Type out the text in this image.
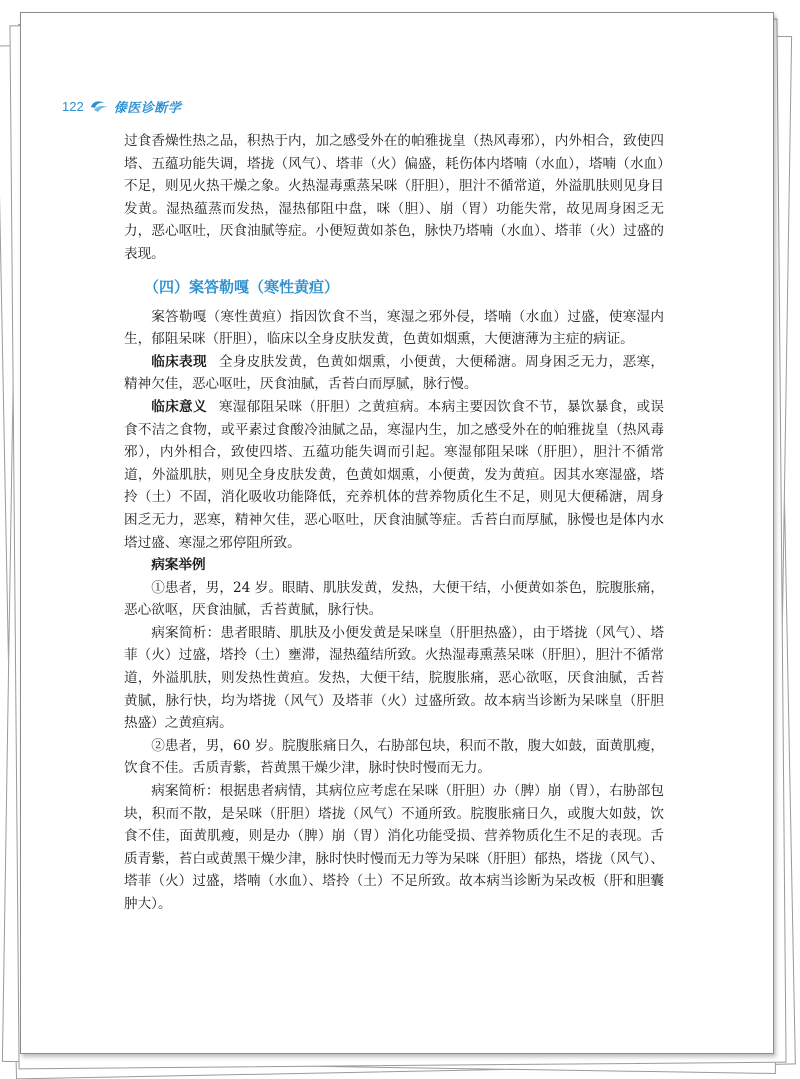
122 傣医诊断学

过食香燥性热之品，积热于内，加之感受外在的帕雅拢皇（热风毒邪），内外相合，致使四塔、五蕴功能失调，塔拢（风气）、塔菲（火）偏盛，耗伤体内塔喃（水血），塔喃（水血）不足，则见火热干燥之象。火热湿毒熏蒸呆咪（肝胆），胆汁不循常道，外溢肌肤则见身目发黄。湿热蕴蒸而发热，湿热郁阻中盘，咪（胆）、崩（胃）功能失常，故见周身困乏无力，恶心呕吐，厌食油腻等症。小便短黄如茶色，脉快乃塔喃（水血）、塔菲（火）过盛的表现。

（四）案答勒嘎（寒性黄疸）

案答勒嘎（寒性黄疸）指因饮食不当，寒湿之邪外侵，塔喃（水血）过盛，使寒湿内生，郁阻呆咪（肝胆），临床以全身皮肤发黄，色黄如烟熏，大便溏薄为主症的病证。

临床表现 全身皮肤发黄，色黄如烟熏，小便黄，大便稀溏。周身困乏无力，恶寒，精神欠佳，恶心呕吐，厌食油腻，舌苔白而厚腻，脉行慢。

临床意义 寒湿郁阻呆咪（肝胆）之黄疸病。本病主要因饮食不节，暴饮暴食，或误食不洁之食物，或平素过食酸冷油腻之品，寒湿内生，加之感受外在的帕雅拢皇（热风毒邪），内外相合，致使四塔、五蕴功能失调而引起。寒湿郁阻呆咪（肝胆），胆汁不循常道，外溢肌肤，则见全身皮肤发黄，色黄如烟熏，小便黄，发为黄疸。因其水寒湿盛，塔拎（土）不固，消化吸收功能降低，充养机体的营养物质化生不足，则见大便稀溏，周身困乏无力，恶寒，精神欠佳，恶心呕吐，厌食油腻等症。舌苔白而厚腻，脉慢也是体内水塔过盛、寒湿之邪停阻所致。

病案举例

①患者，男，24 岁。眼睛、肌肤发黄，发热，大便干结，小便黄如茶色，脘腹胀痛，恶心欲呕，厌食油腻，舌苔黄腻，脉行快。

病案简析：患者眼睛、肌肤及小便发黄是呆咪皇（肝胆热盛），由于塔拢（风气）、塔菲（火）过盛，塔拎（土）壅滞，湿热蕴结所致。火热湿毒熏蒸呆咪（肝胆），胆汁不循常道，外溢肌肤，则发热性黄疸。发热，大便干结，脘腹胀痛，恶心欲呕，厌食油腻，舌苔黄腻，脉行快，均为塔拢（风气）及塔菲（火）过盛所致。故本病当诊断为呆咪皇（肝胆热盛）之黄疸病。

②患者，男，60 岁。脘腹胀痛日久，右胁部包块，积而不散，腹大如鼓，面黄肌瘦，饮食不佳。舌质青紫，苔黄黑干燥少津，脉时快时慢而无力。

病案简析：根据患者病情，其病位应考虑在呆咪（肝胆）办（脾）崩（胃），右胁部包块，积而不散，是呆咪（肝胆）塔拢（风气）不通所致。脘腹胀痛日久，或腹大如鼓，饮食不佳，面黄肌瘦，则是办（脾）崩（胃）消化功能受损、营养物质化生不足的表现。舌质青紫，苔白或黄黑干燥少津，脉时快时慢而无力等为呆咪（肝胆）郁热，塔拢（风气）、塔菲（火）过盛，塔喃（水血）、塔拎（土）不足所致。故本病当诊断为呆改板（肝和胆囊肿大）。
